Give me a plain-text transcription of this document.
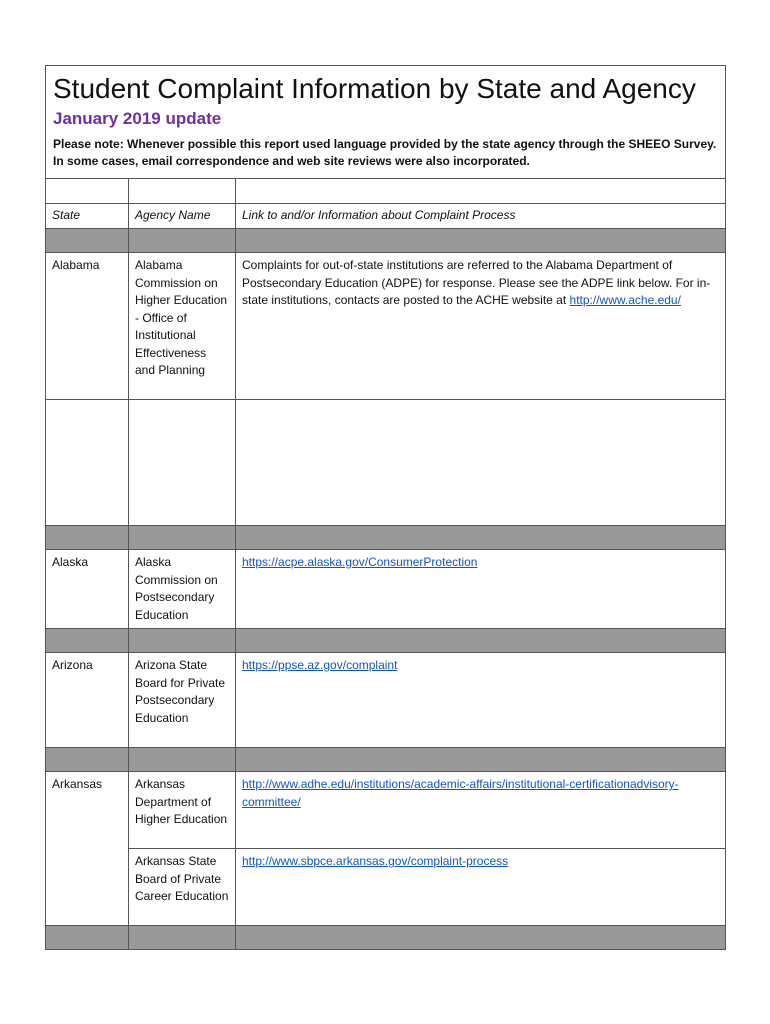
Student Complaint Information by State and Agency
January 2019 update
Please note: Whenever possible this report used language provided by the state agency through the SHEEO Survey. In some cases, email correspondence and web site reviews were also incorporated.		

State	Agency Name	Link to and/or Information about Complaint Process

Alabama	Alabama Commission on Higher Education - Office of Institutional Effectiveness and Planning	Complaints for out-of-state institutions are referred to the Alabama Department of Postsecondary Education (ADPE) for response. Please see the ADPE link below. For in-state institutions, contacts are posted to the ACHE website at http://www.ache.edu/

Alaska	Alaska Commission on Postsecondary Education	https://acpe.alaska.gov/ConsumerProtection

Arizona	Arizona State Board for Private Postsecondary Education	https://ppse.az.gov/complaint

Arkansas	Arkansas Department of Higher Education	http://www.adhe.edu/institutions/academic-affairs/institutional-certificationadvisory-committee/
	Arkansas State Board of Private Career Education	http://www.sbpce.arkansas.gov/complaint-process
